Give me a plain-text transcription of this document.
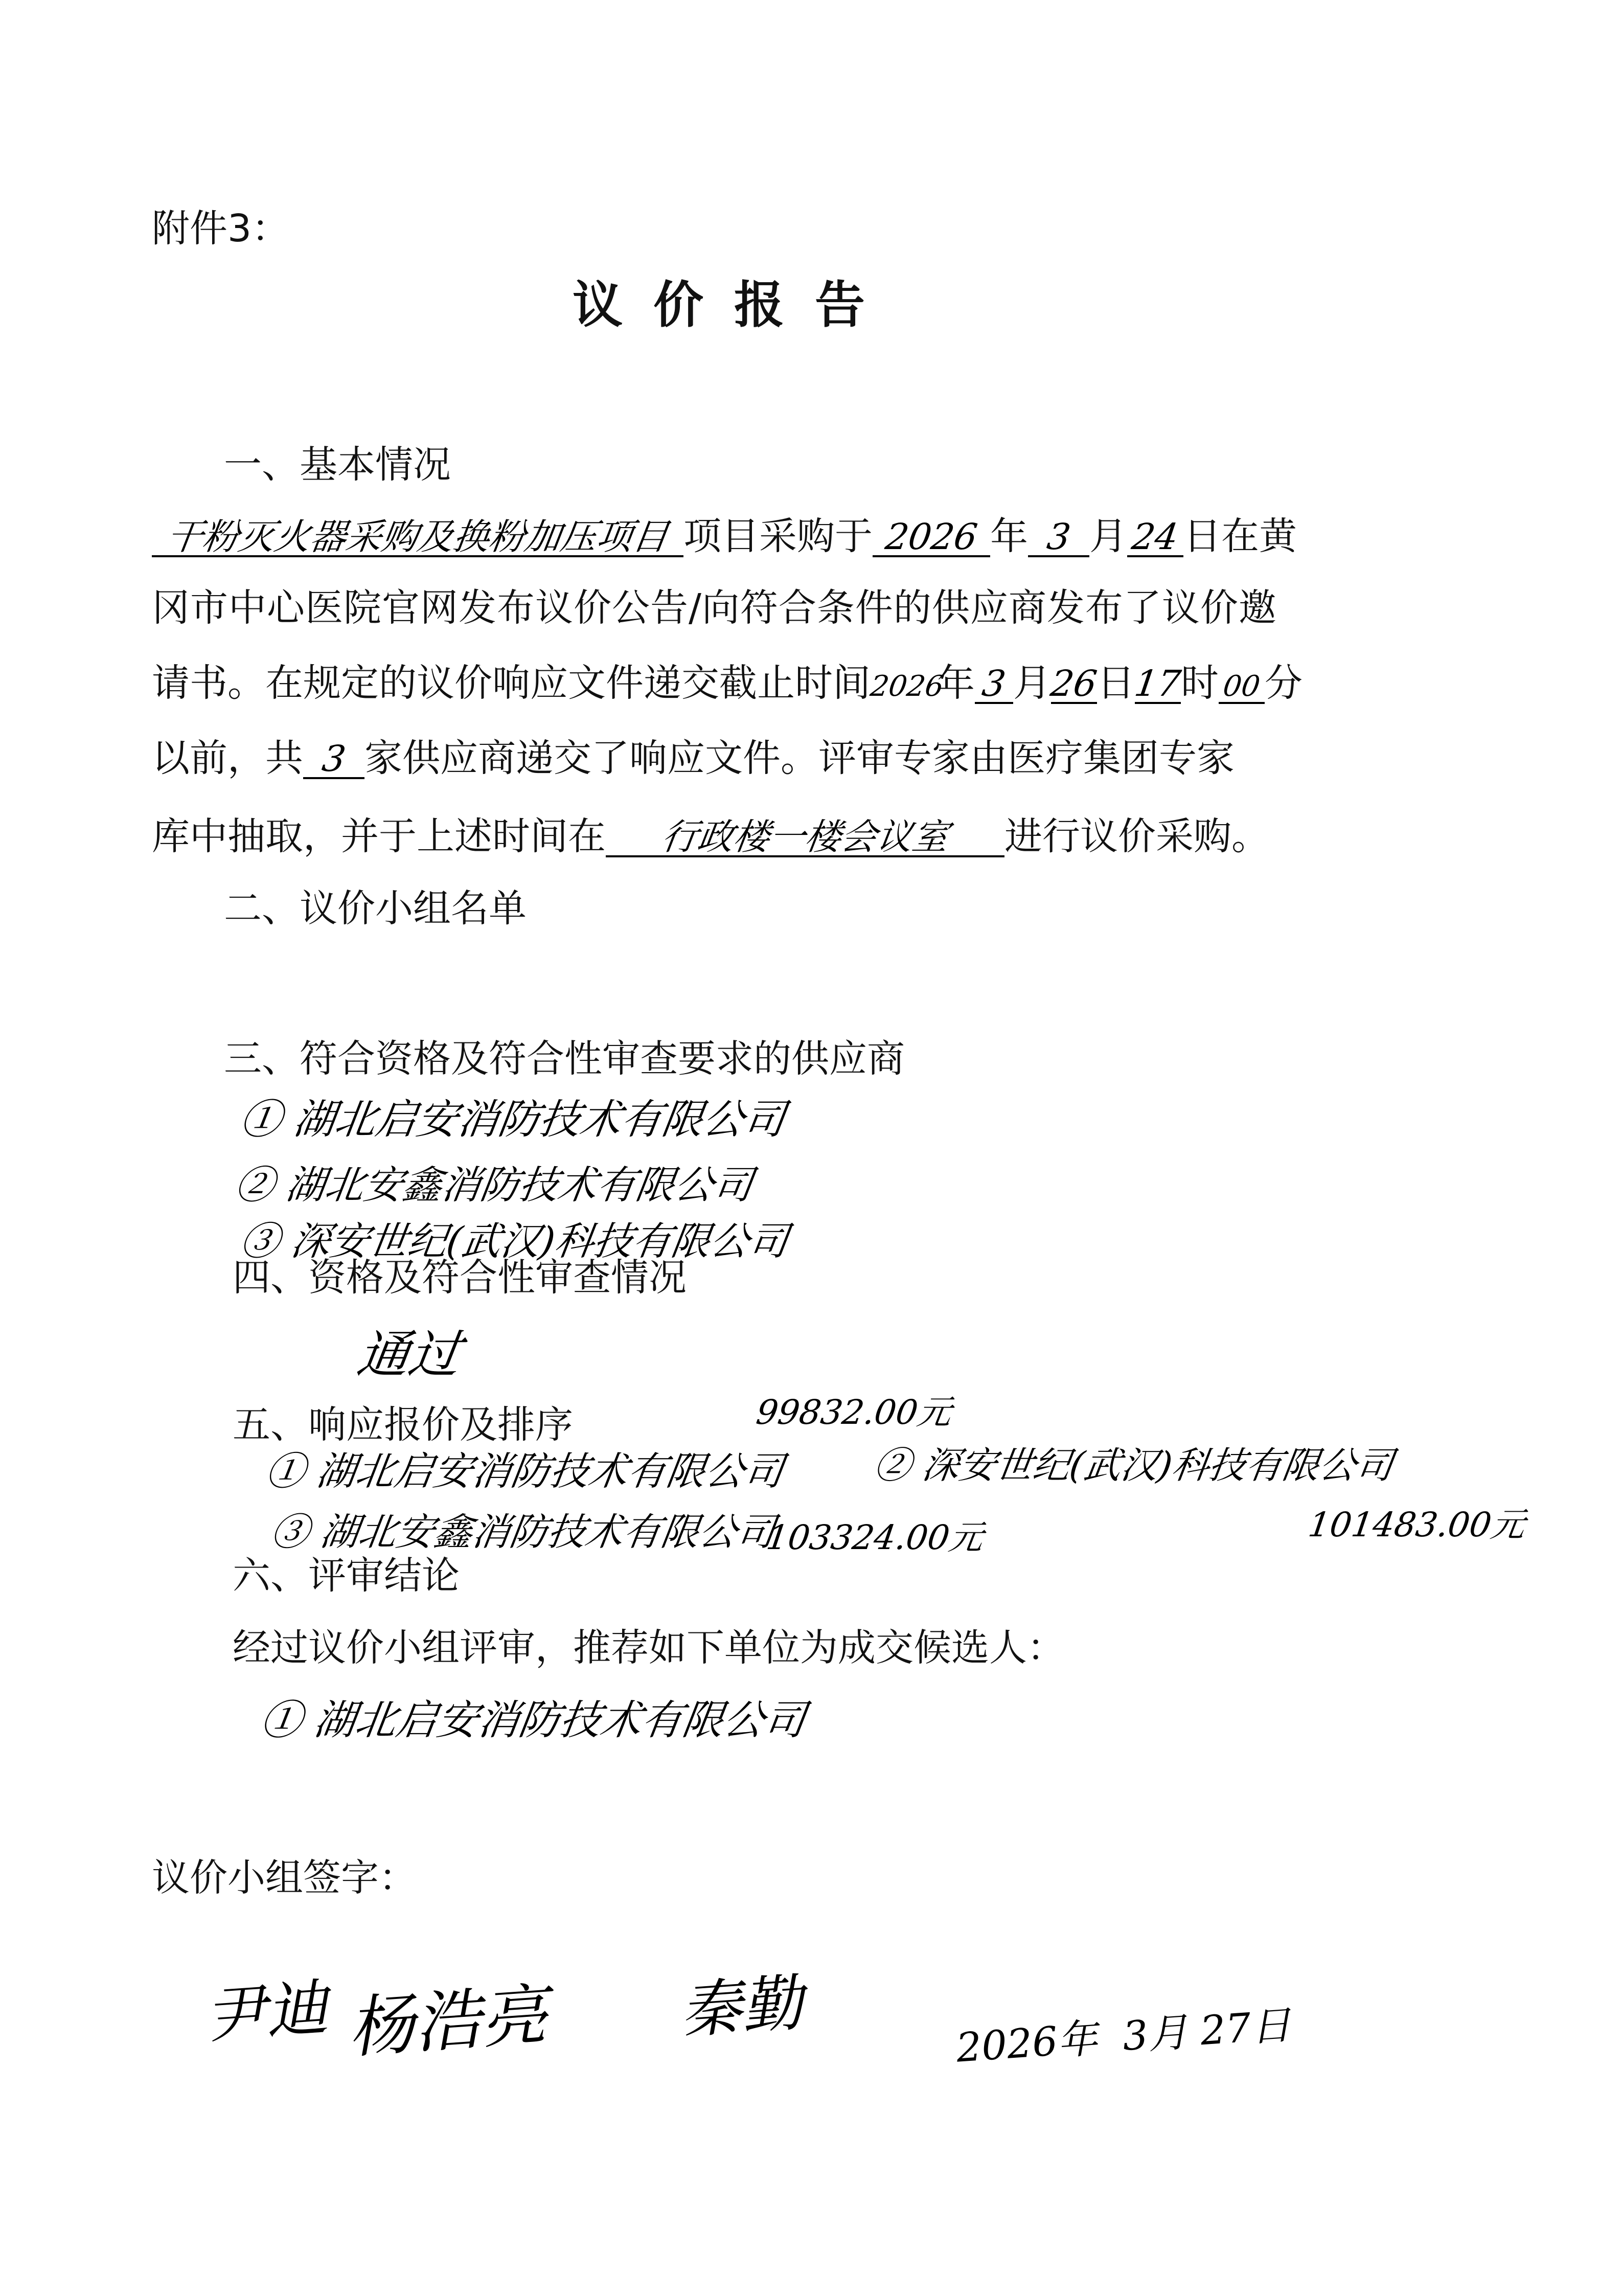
附件3：
议价报告
一、基本情况
干粉灭火器采购及换粉加压项目 项目采购于 2026 年 3 月24日在黄
冈市中心医院官网发布议价公告/向符合条件的供应商发布了议价邀
请书。在规定的议价响应文件递交截止时间2026年 3 月26日17时00分
以前，共 3 家供应商递交了响应文件。评审专家由医疗集团专家
库中抽取，并于上述时间在 行政楼一楼会议室 进行议价采购。
二、议价小组名单
三、符合资格及符合性审查要求的供应商
① 湖北启安消防技术有限公司
② 湖北安鑫消防技术有限公司
③ 深安世纪(武汉)科技有限公司
四、资格及符合性审查情况
通过
五、响应报价及排序	99832.00元
① 湖北启安消防技术有限公司 ② 深安世纪(武汉)科技有限公司
101483.00元
③ 湖北安鑫消防技术有限公司
103324.00元
六、评审结论
经过议价小组评审，推荐如下单位为成交候选人：
① 湖北启安消防技术有限公司
议价小组签字：
尹迪 杨浩亮 秦勤	2026年 3月 27日
